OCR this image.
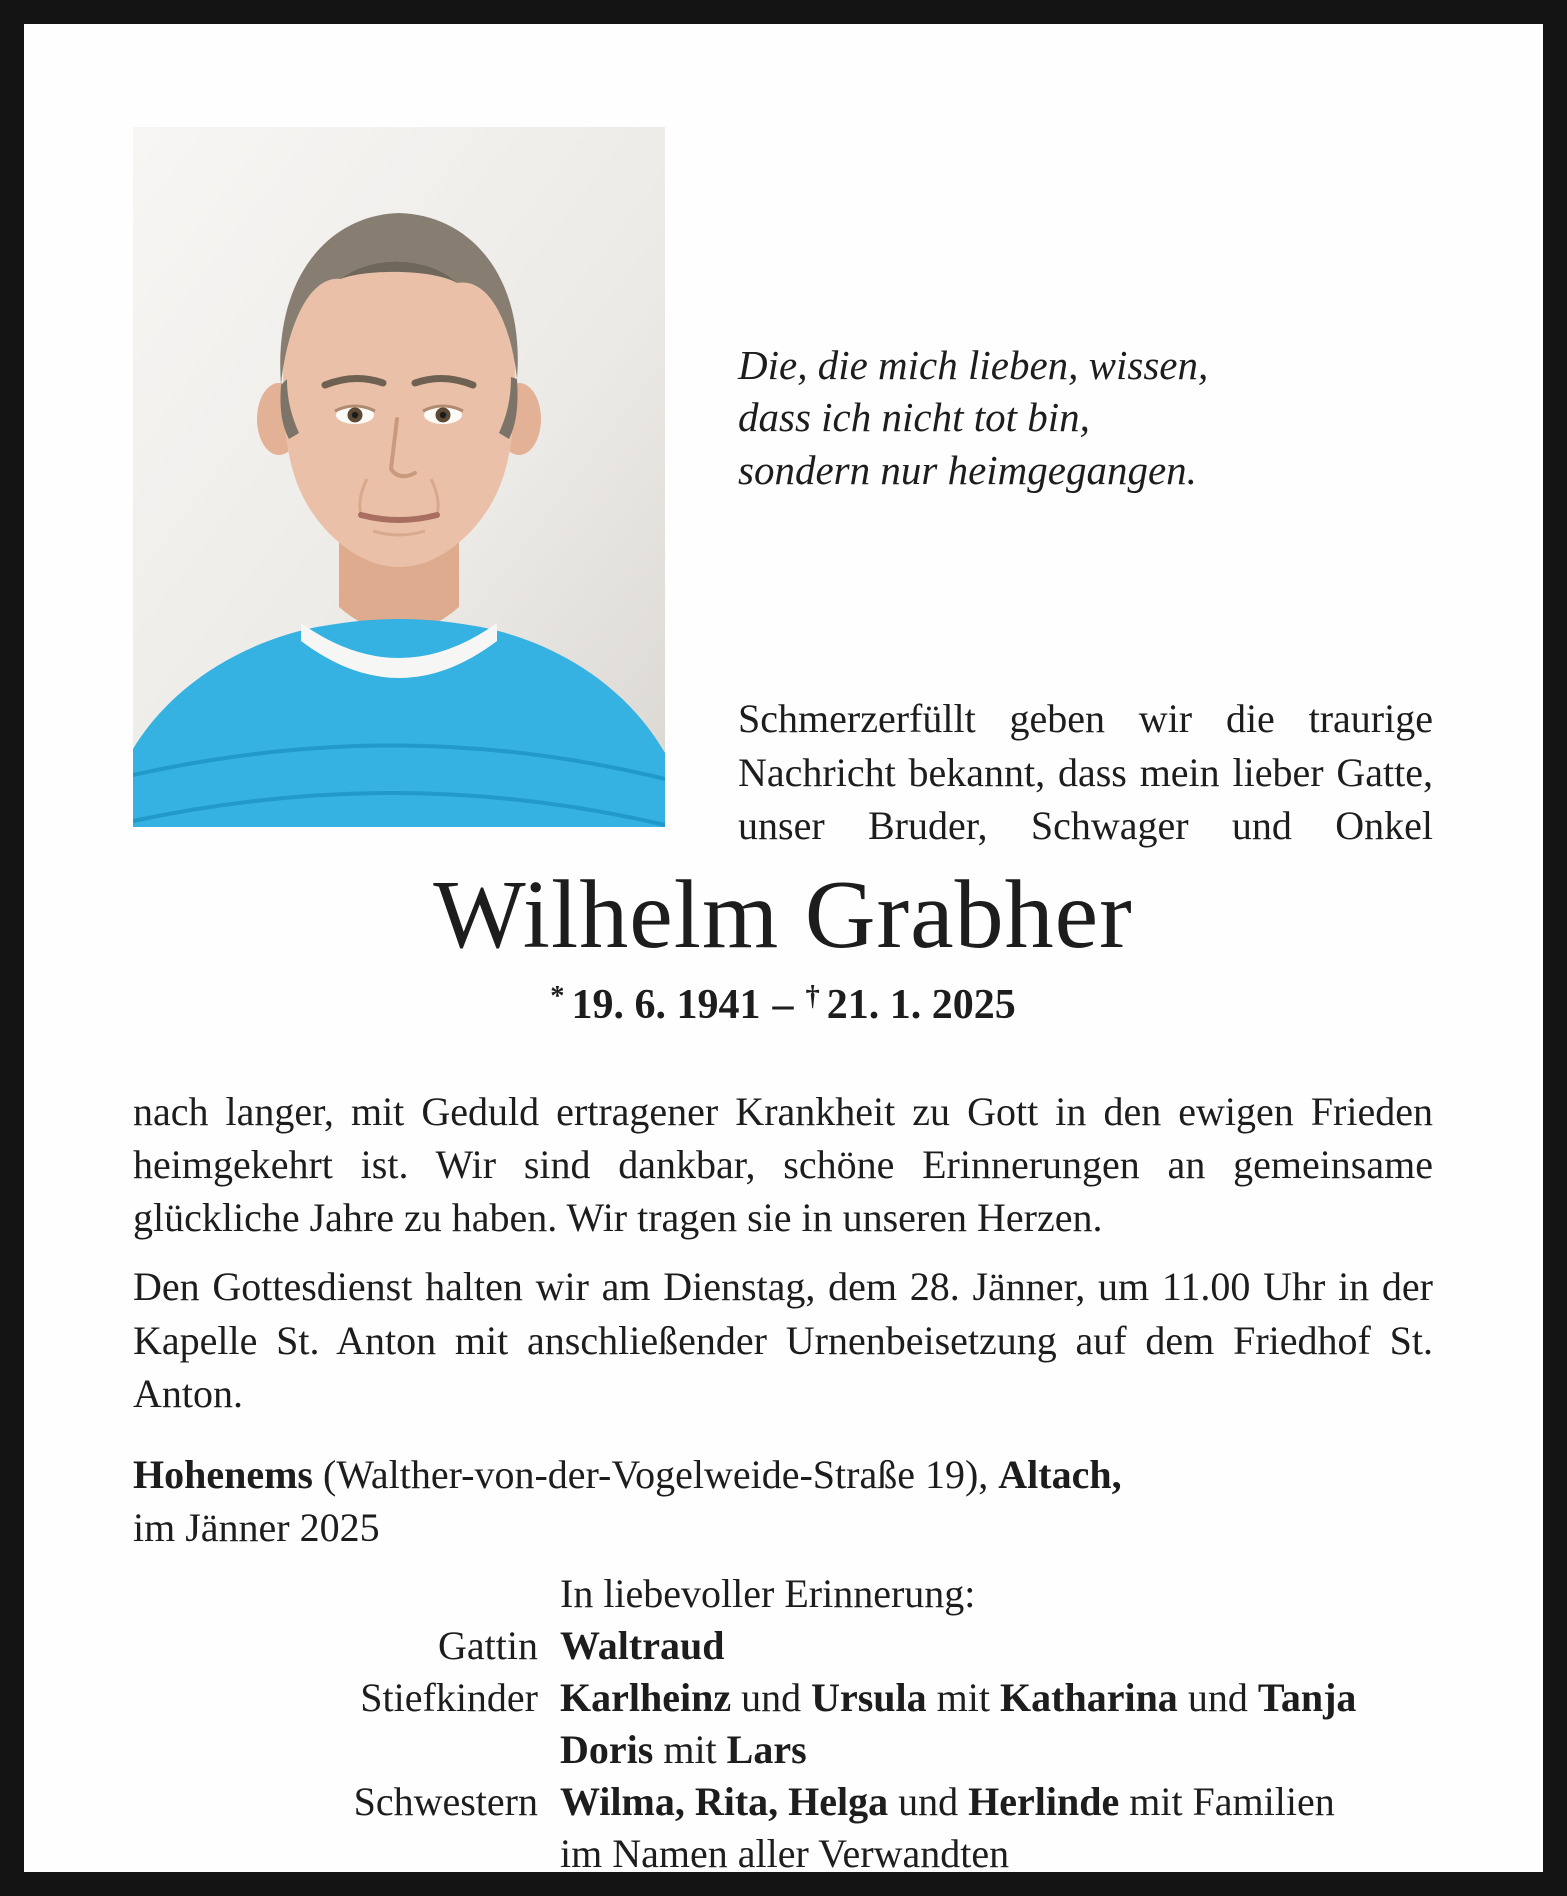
Die, die mich lieben, wissen,
dass ich nicht tot bin,
sondern nur heimgegangen.

Schmerzerfüllt geben wir die traurige Nachricht bekannt, dass mein lieber Gatte, unser Bruder, Schwager und Onkel

Wilhelm Grabher
* 19. 6. 1941 – † 21. 1. 2025

nach langer, mit Geduld ertragener Krankheit zu Gott in den ewigen Frieden heimgekehrt ist. Wir sind dankbar, schöne Erinnerungen an gemeinsame glückliche Jahre zu haben. Wir tragen sie in unseren Herzen.

Den Gottesdienst halten wir am Dienstag, dem 28. Jänner, um 11.00 Uhr in der Kapelle St. Anton mit anschließender Urnenbeisetzung auf dem Friedhof St. Anton.

Hohenems (Walther-von-der-Vogelweide-Straße 19), Altach,
im Jänner 2025
In liebevoller Erinnerung:
Gattin Waltraud
Stiefkinder Karlheinz und Ursula mit Katharina und Tanja
Doris mit Lars
Schwestern Wilma, Rita, Helga und Herlinde mit Familien
im Namen aller Verwandten
